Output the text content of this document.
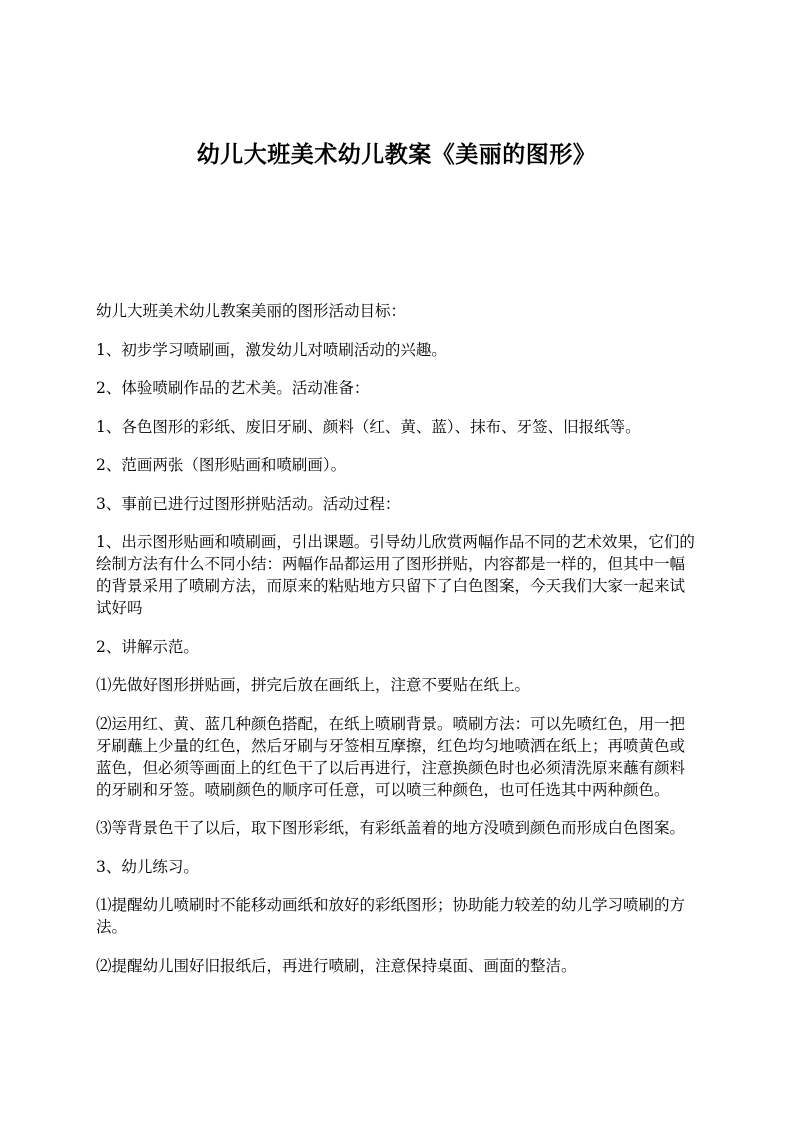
幼儿大班美术幼儿教案《美丽的图形》

幼儿大班美术幼儿教案美丽的图形活动目标：

1、初步学习喷刷画，激发幼儿对喷刷活动的兴趣。

2、体验喷刷作品的艺术美。活动准备：

1、各色图形的彩纸、废旧牙刷、颜料（红、黄、蓝）、抹布、牙签、旧报纸等。

2、范画两张（图形贴画和喷刷画）。

3、事前已进行过图形拼贴活动。活动过程：

1、出示图形贴画和喷刷画，引出课题。引导幼儿欣赏两幅作品不同的艺术效果，它们的绘制方法有什么不同小结：两幅作品都运用了图形拼贴，内容都是一样的，但其中一幅的背景采用了喷刷方法，而原来的粘贴地方只留下了白色图案，今天我们大家一起来试试好吗

2、讲解示范。

⑴先做好图形拼贴画，拼完后放在画纸上，注意不要贴在纸上。

⑵运用红、黄、蓝几种颜色搭配，在纸上喷刷背景。喷刷方法：可以先喷红色，用一把牙刷蘸上少量的红色，然后牙刷与牙签相互摩擦，红色均匀地喷洒在纸上；再喷黄色或蓝色，但必须等画面上的红色干了以后再进行，注意换颜色时也必须清洗原来蘸有颜料的牙刷和牙签。喷刷颜色的顺序可任意，可以喷三种颜色，也可任选其中两种颜色。

⑶等背景色干了以后，取下图形彩纸，有彩纸盖着的地方没喷到颜色而形成白色图案。

3、幼儿练习。

⑴提醒幼儿喷刷时不能移动画纸和放好的彩纸图形；协助能力较差的幼儿学习喷刷的方法。

⑵提醒幼儿围好旧报纸后，再进行喷刷，注意保持桌面、画面的整洁。
